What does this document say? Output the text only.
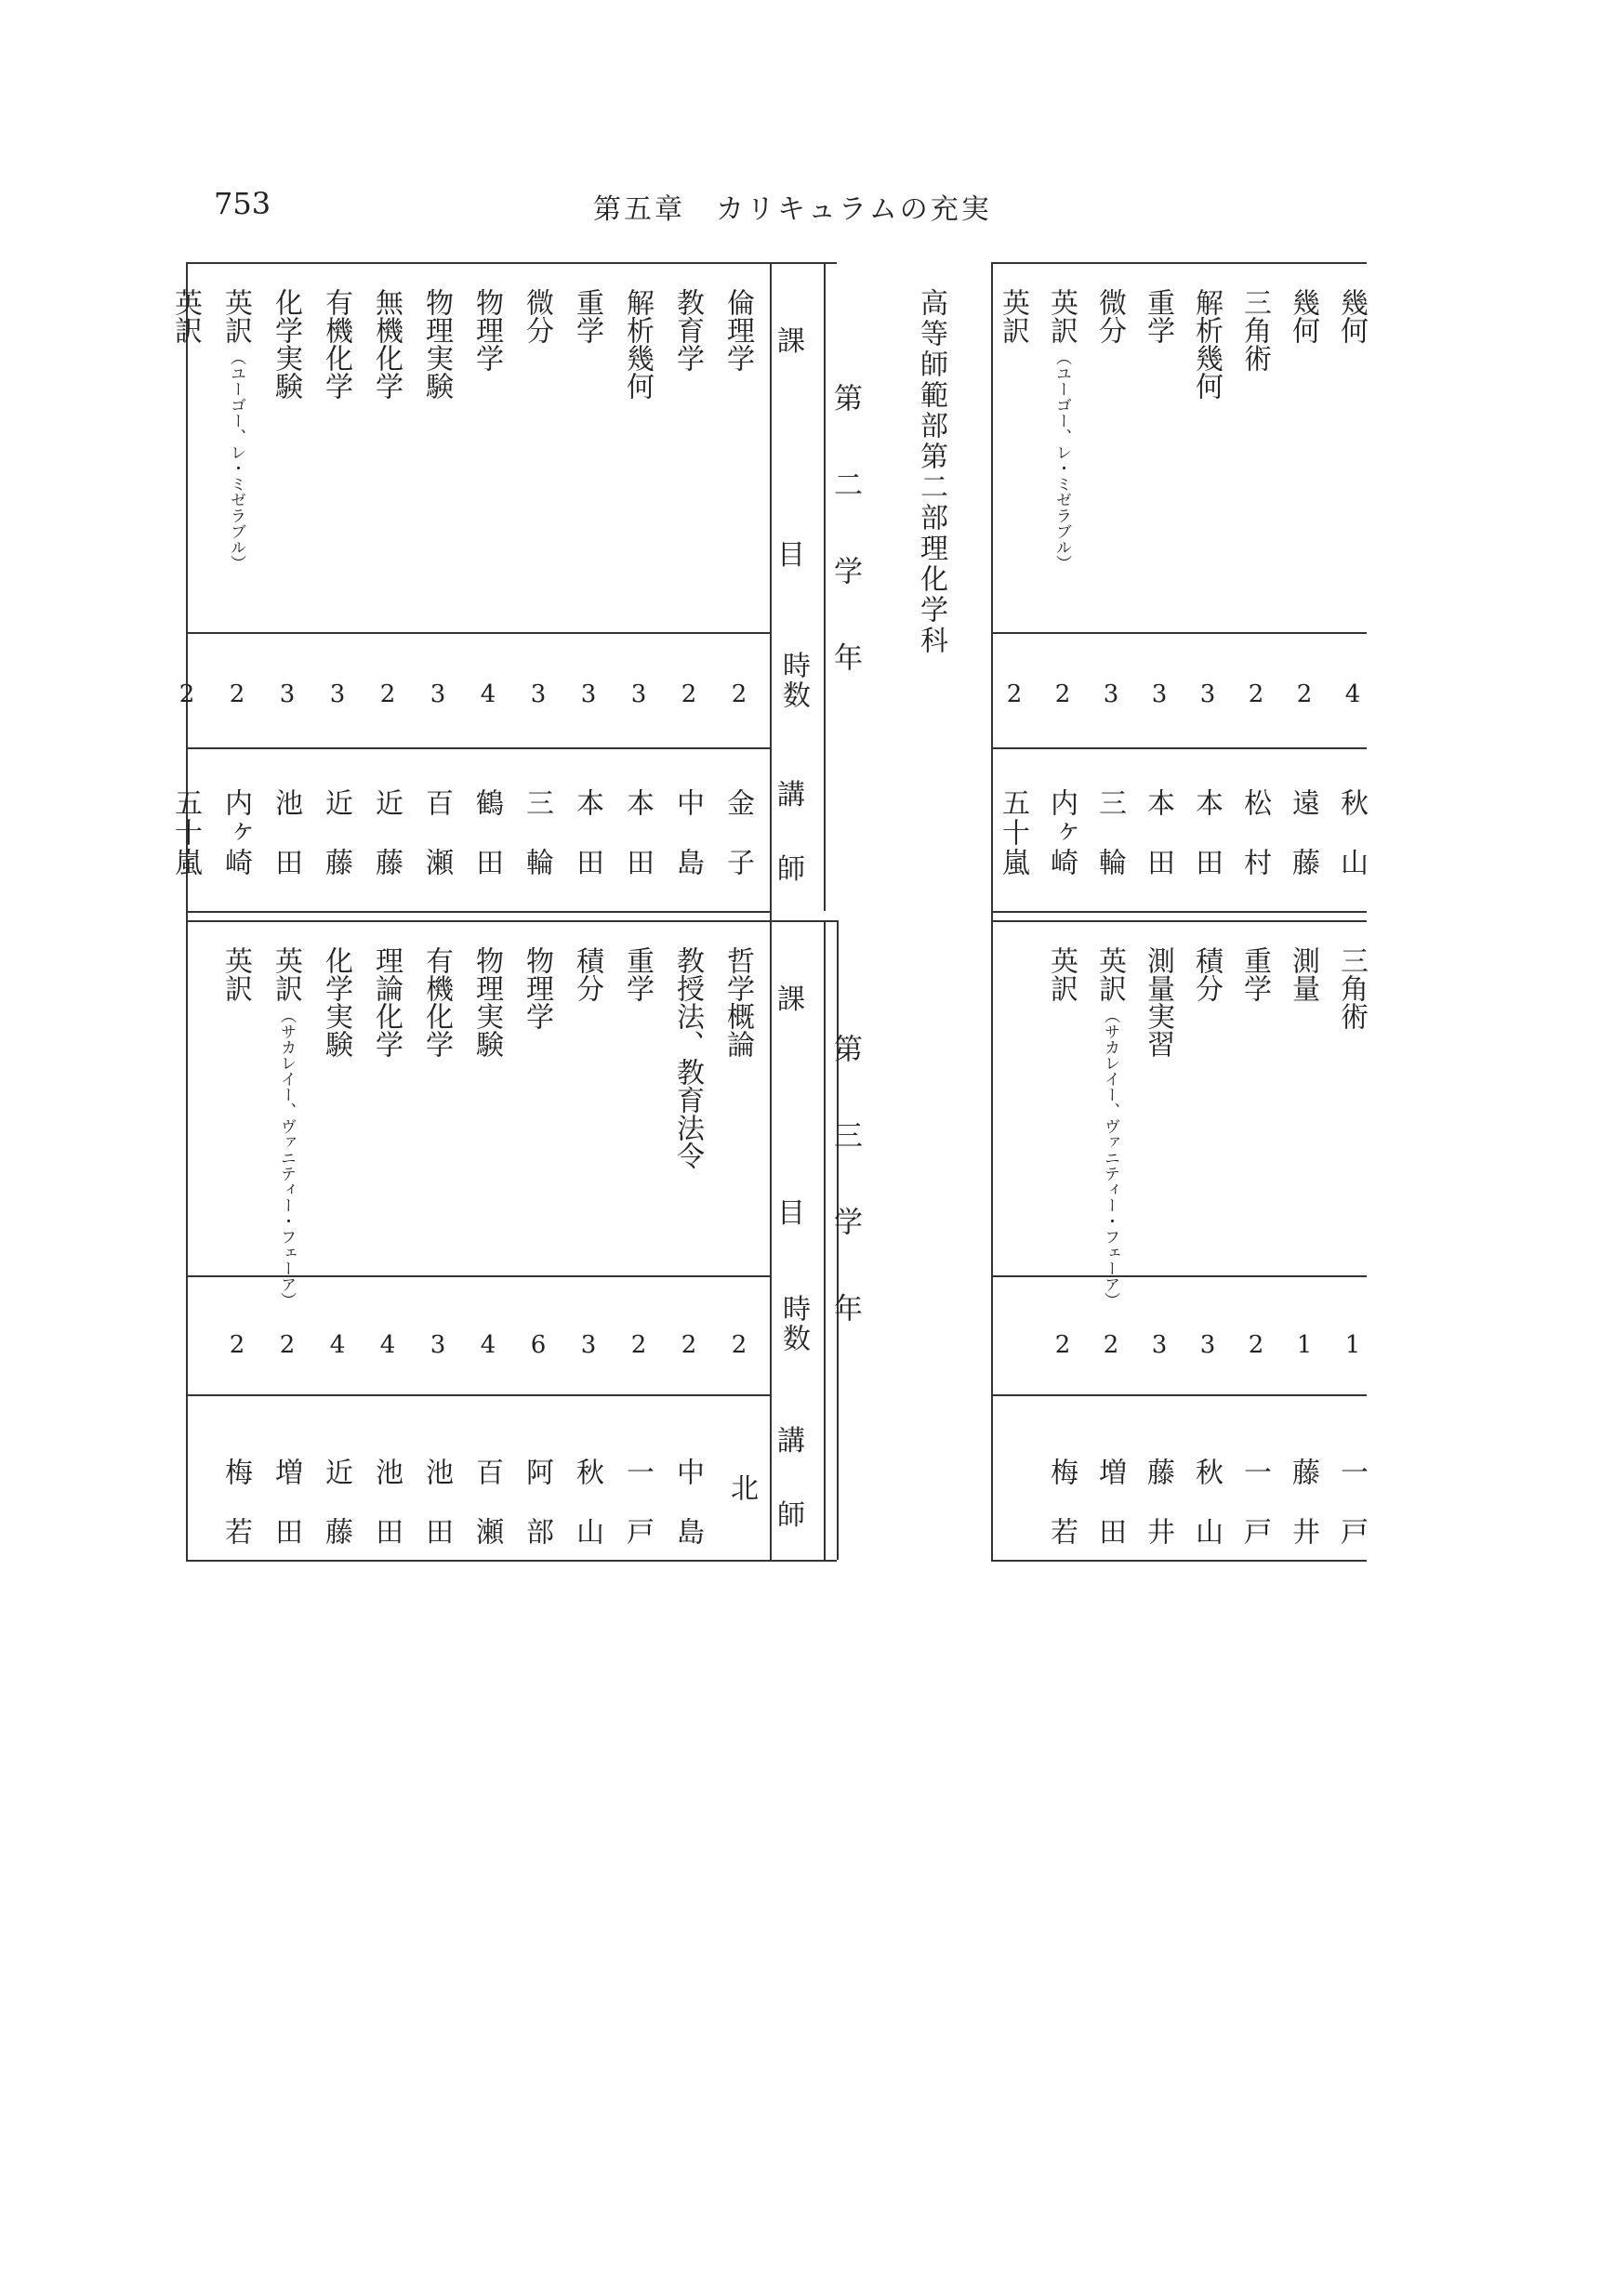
753	第五章　カリキュラムの充実
課
目
時数
講
師
課
目
時数
講
師
第二学年
第三学年
高等師範部第二部理化学科
倫理学
2
金子
教育学
2
中島
解析幾何
3
本田
重学
3
本田
微分
3
三輪
物理学
4
鶴田
物理実験
3
百瀬
無機化学
2
近藤
有機化学
3
近藤
化学実験
3
池田
英訳
（ユーゴー、レ・ミゼラブル）
2
内ヶ崎
英訳
2
五十嵐
哲学概論
2
教授法、教育法令
2
中島
重学
2
一戸
積分
3
秋山
物理学
6
阿部
物理実験
4
百瀬
有機化学
3
池田
理論化学
4
池田
化学実験
4
近藤
英訳
（サカレイー、ヴァニティー・フェーア）
2
増田
英訳
2
梅若	北
幾何
4
秋山
幾何
2
遠藤
三角術
2
松村
解析幾何
3
本田
重学
3
本田
微分
3
三輪
英訳
（ユーゴー、レ・ミゼラブル）
2
内ヶ崎
英訳
2
五十嵐
三角術
1
一戸
測量
1
藤井
重学
2
一戸
積分
3
秋山
測量実習
3
藤井
英訳
（サカレイー、ヴァニティー・フェーア）
2
増田
英訳
2
梅若
